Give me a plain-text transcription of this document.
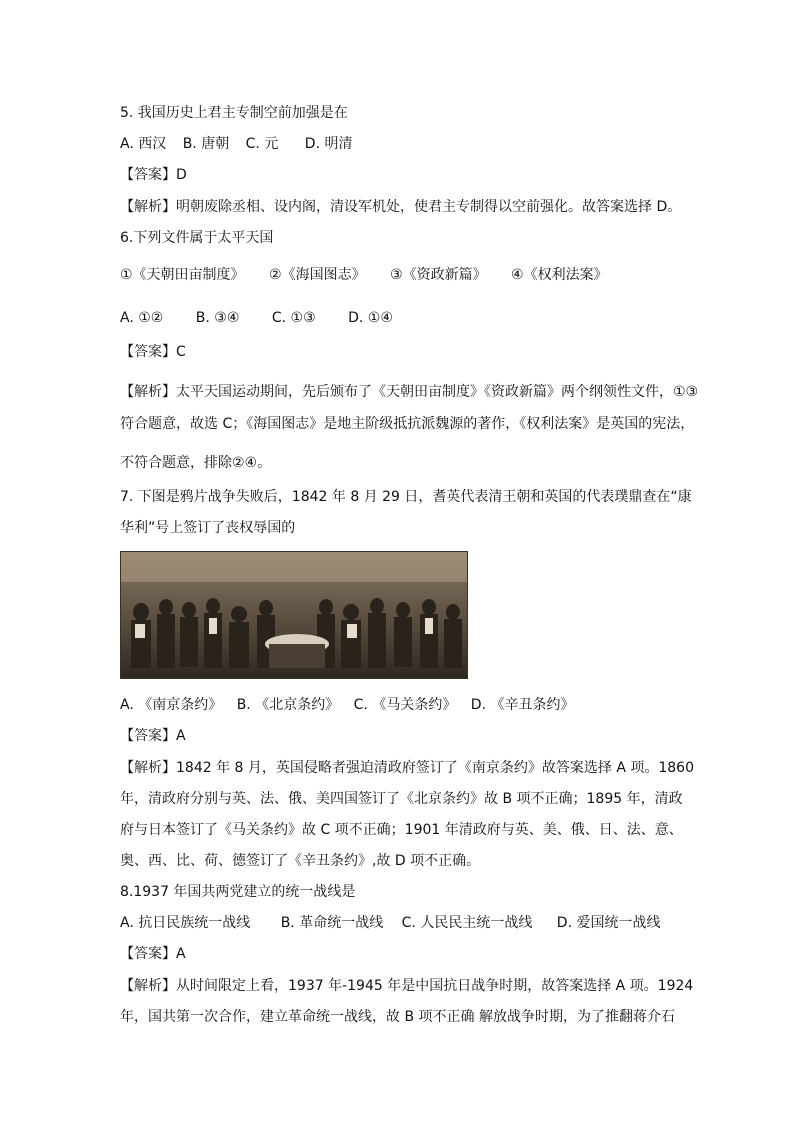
5. 我国历史上君主专制空前加强是在
A. 西汉 B. 唐朝 C. 元 D. 明清
【答案】D
【解析】明朝废除丞相、设内阁，清设军机处，使君主专制得以空前强化。故答案选择 D。
6.下列文件属于太平天国
①《天朝田亩制度》 ②《海国图志》 ③《资政新篇》 ④《权利法案》
A. ①② B. ③④ C. ①③ D. ①④
【答案】C
【解析】太平天国运动期间，先后颁布了《天朝田亩制度》《资政新篇》两个纲领性文件，①③
符合题意，故选 C；《海国图志》是地主阶级抵抗派魏源的著作，《权利法案》是英国的宪法，
不符合题意，排除②④。
7. 下图是鸦片战争失败后，1842 年 8 月 29 日，耆英代表清王朝和英国的代表璞鼎查在“康
华利”号上签订了丧权辱国的
A. 《南京条约》 B. 《北京条约》 C. 《马关条约》 D. 《辛丑条约》
【答案】A
【解析】1842 年 8 月，英国侵略者强迫清政府签订了《南京条约》故答案选择 A 项。1860
年，清政府分别与英、法、俄、美四国签订了《北京条约》故 B 项不正确；1895 年，清政
府与日本签订了《马关条约》故 C 项不正确；1901 年清政府与英、美、俄、日、法、意、
奥、西、比、荷、德签订了《辛丑条约》,故 D 项不正确。
8.1937 年国共两党建立的统一战线是
A. 抗日民族统一战线 B. 革命统一战线 C. 人民民主统一战线 D. 爱国统一战线
【答案】A
【解析】从时间限定上看，1937 年-1945 年是中国抗日战争时期，故答案选择 A 项。1924
年，国共第一次合作，建立革命统一战线，故 B 项不正确 解放战争时期，为了推翻蒋介石
